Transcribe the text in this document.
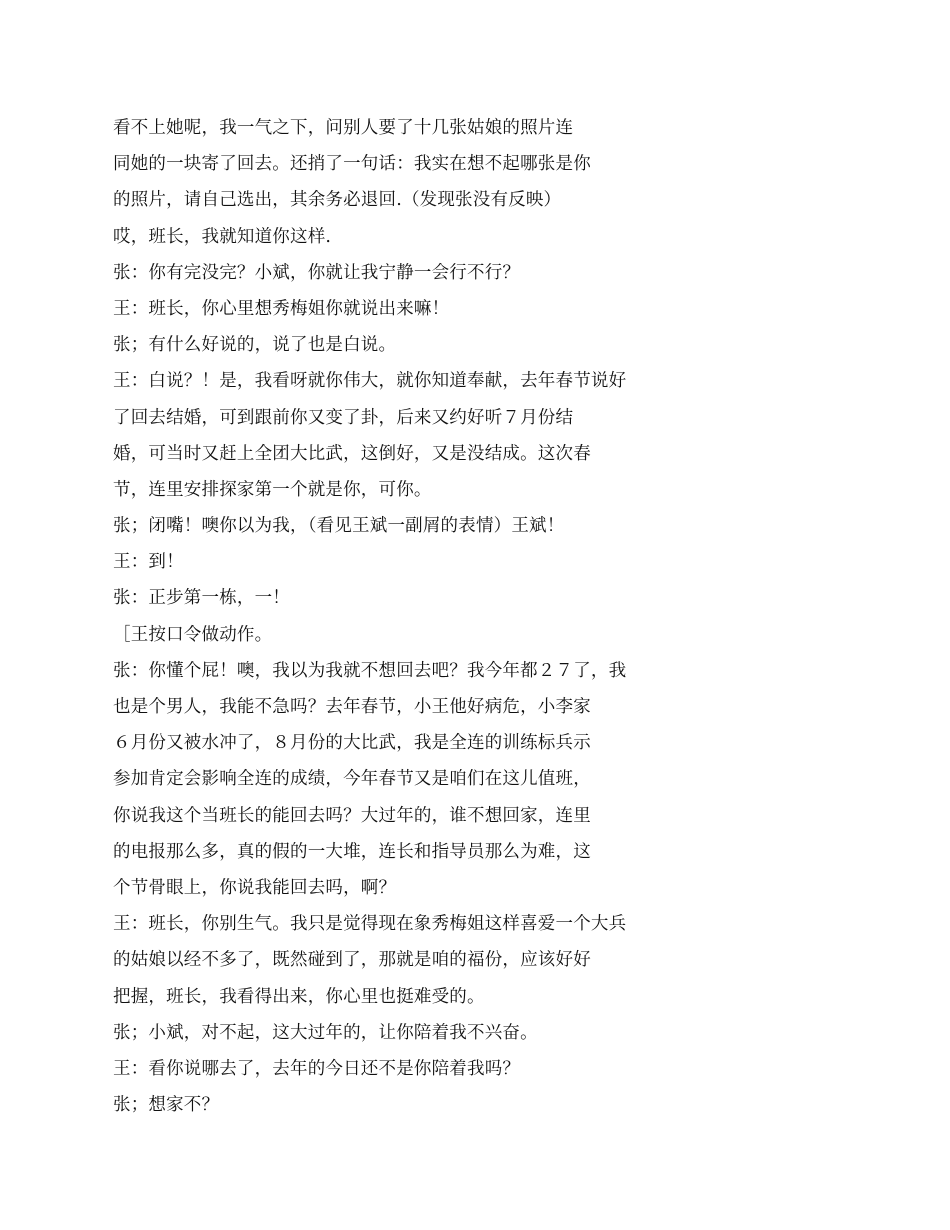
看不上她呢，我一气之下，问别人要了十几张姑娘的照片连
同她的一块寄了回去。还捎了一句话：我实在想不起哪张是你
的照片，请自己选出，其余务必退回.（发现张没有反映）
哎，班长，我就知道你这样.
张：你有完没完？小斌，你就让我宁静一会行不行？
王：班长，你心里想秀梅姐你就说出来嘛！
张；有什么好说的，说了也是白说。
王：白说？！是，我看呀就你伟大，就你知道奉献，去年春节说好
了回去结婚，可到跟前你又变了卦，后来又约好听７月份结
婚，可当时又赶上全团大比武，这倒好，又是没结成。这次春
节，连里安排探家第一个就是你，可你。
张；闭嘴！噢你以为我，（看见王斌一副屑的表情）王斌！
王：到！
张：正步第一栋，一！
［王按口令做动作。
张：你懂个屁！噢，我以为我就不想回去吧？我今年都２７了，我
也是个男人，我能不急吗？去年春节，小王他好病危，小李家
６月份又被水冲了，８月份的大比武，我是全连的训练标兵示
参加肯定会影响全连的成绩，今年春节又是咱们在这儿值班，
你说我这个当班长的能回去吗？大过年的，谁不想回家，连里
的电报那么多，真的假的一大堆，连长和指导员那么为难，这
个节骨眼上，你说我能回去吗，啊？
王：班长，你别生气。我只是觉得现在象秀梅姐这样喜爱一个大兵
的姑娘以经不多了，既然碰到了，那就是咱的福份，应该好好
把握，班长，我看得出来，你心里也挺难受的。
张；小斌，对不起，这大过年的，让你陪着我不兴奋。
王：看你说哪去了，去年的今日还不是你陪着我吗？
张；想家不？
